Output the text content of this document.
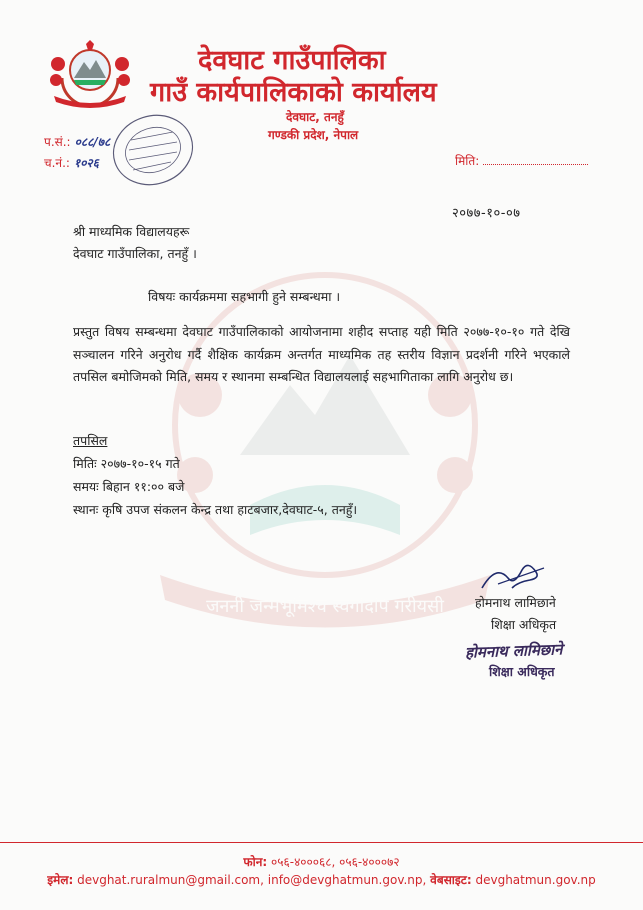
जननी जन्मभूमिश्च स्वर्गादपि गरीयसी
देवघाट गाउँपालिका
गाउँ कार्यपालिकाको कार्यालय
देवघाट, तनहुँ
गण्डकी प्रदेश, नेपाल
प.सं.: ०८८/७८
च.नं.: १०२६	मिति:
२०७७-१०-०७
श्री माध्यमिक विद्यालयहरू
देवघाट गाउँपालिका, तनहुँ ।
विषयः कार्यक्रममा सहभागी हुने सम्बन्धमा ।
प्रस्तुत विषय सम्बन्धमा देवघाट गाउँपालिकाको आयोजनामा शहीद सप्ताह यही मिति २०७७-१०-१० गते देखि सञ्चालन गरिने अनुरोध गर्दै शैक्षिक कार्यक्रम अन्तर्गत माध्यमिक तह स्तरीय विज्ञान प्रदर्शनी गरिने भएकाले तपसिल बमोजिमको मिति, समय र स्थानमा सम्बन्धित विद्यालयलाई सहभागिताका लागि अनुरोध छ।
तपसिल
मितिः २०७७-१०-१५ गते
समयः बिहान ११:०० बजे
स्थानः कृषि उपज संकलन केन्द्र तथा हाटबजार,देवघाट-५, तनहुँ।
होमनाथ लामिछाने
शिक्षा अधिकृत
होमनाथ लामिछाने
शिक्षा अधिकृत
फोन: ०५६-४०००६८, ०५६-४०००७२
इमेल: devghat.ruralmun@gmail.com, info@devghatmun.gov.np, वेबसाइट: devghatmun.gov.np
